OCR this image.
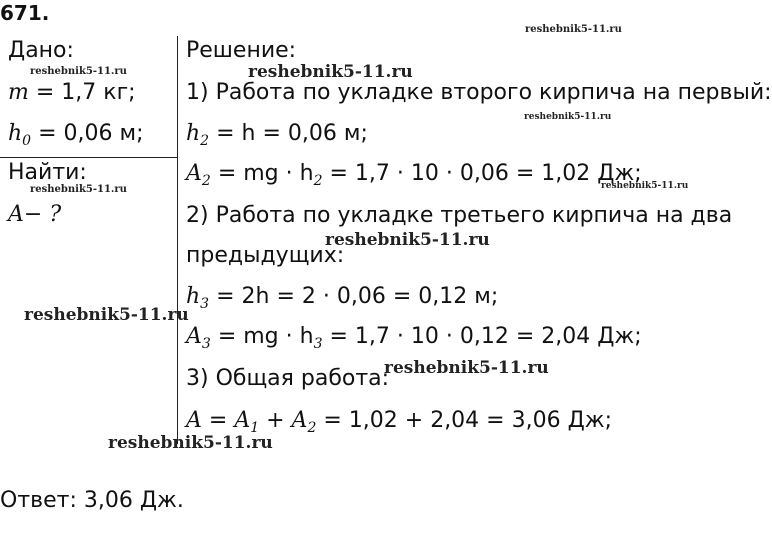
671.
Дано:
m = 1,7 кг;
$h_0 = 0,06$ м;
Найти:
A− ?
Решение:
1) Работа по укладке второго кирпича на первый:
$h_2 = h = 0,06$ м;
$A_2$ = mg · $h_2 = 1,7 \cdot 10 \cdot 0,06 = 1,02$ Дж;
2) Работа по укладке третьего кирпича на два
предыдущих:
$h_3 = 2h = 2 \cdot 0,06 = 0,12$ м;
$A_3$ = mg · $h_3 = 1,7 \cdot 10 \cdot 0,12 = 2,04$ Дж;
3) Общая работа:
$A = A_1 + A_2 = 1,02 + 2,04 = 3,06$ Дж;
Ответ: 3,06 Дж.
reshebnik5-11.ru
reshebnik5-11.ru	reshebnik5-11.ru
reshebnik5-11.ru
reshebnik5-11.ru
reshebnik5-11.ru
reshebnik5-11.ru
reshebnik5-11.ru
reshebnik5-11.ru
reshebnik5-11.ru
